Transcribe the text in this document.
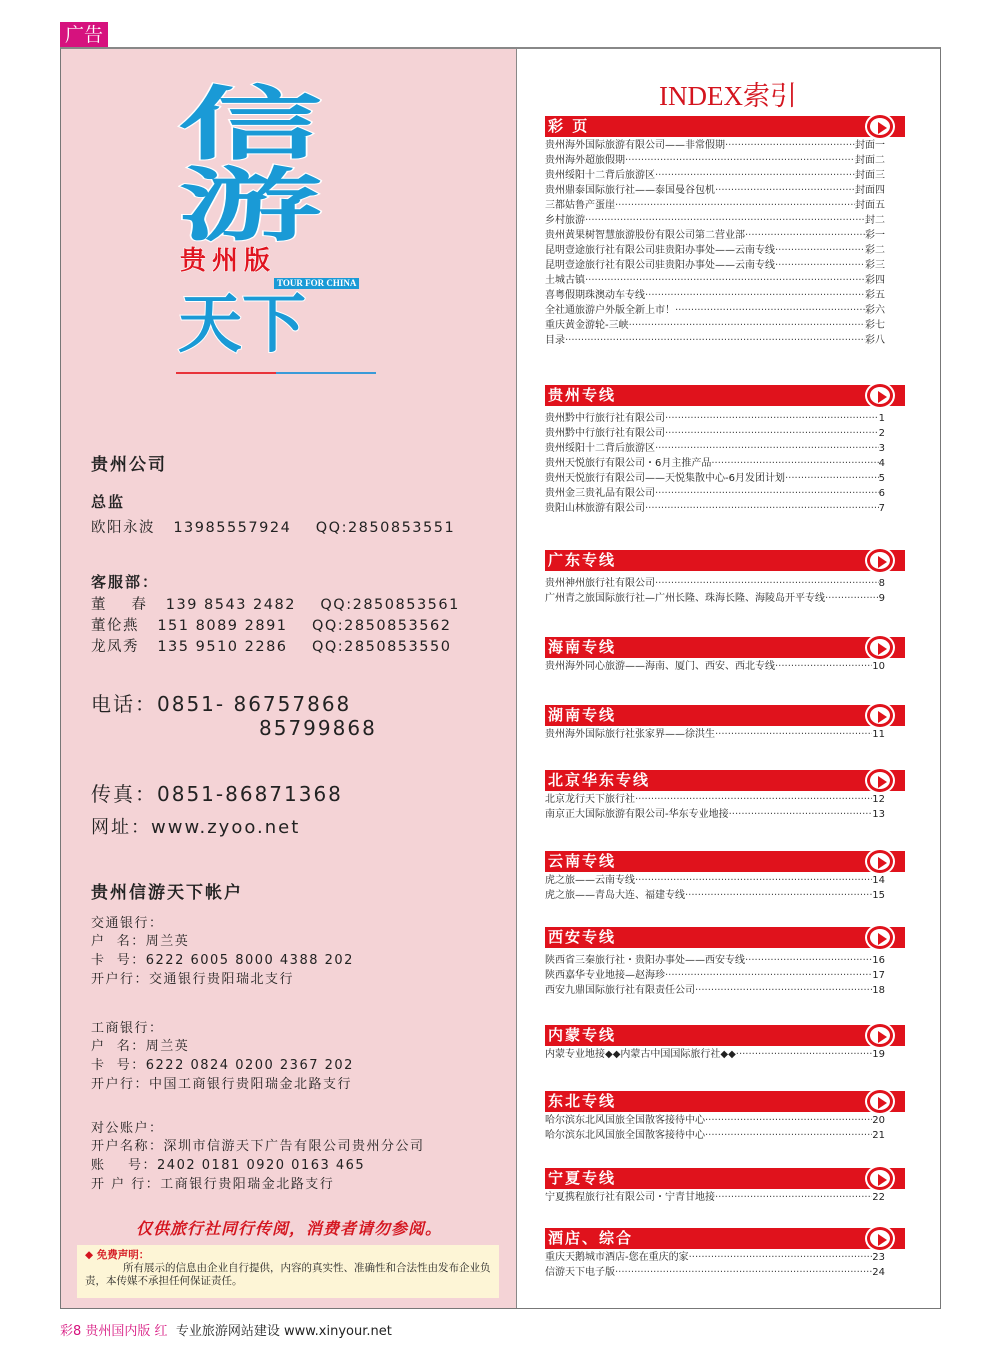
广告
信
游
贵州版
TOUR FOR CHINA
天下
贵州公司
总监
欧阳永波   13985557924    QQ:2850853551
客服部：
董    春   139 8543 2482    QQ:2850853561
董伦燕   151 8089 2891    QQ:2850853562
龙凤秀   135 9510 2286    QQ:2850853550
电话：0851- 86757868
85799868
传真：0851-86871368
网址：www.zyoo.net
贵州信游天下帐户
交通银行：
户  名：周兰英
卡  号：6222 6005 8000 4388 202
开户行：交通银行贵阳瑞北支行
工商银行：
户  名：周兰英
卡  号：6222 0824 0200 2367 202
开户行：中国工商银行贵阳瑞金北路支行
对公账户：
开户名称：深圳市信游天下广告有限公司贵州分公司
账    号：2402 0181 0920 0163 465
开 户 行：工商银行贵阳瑞金北路支行
仅供旅行社同行传阅，消费者请勿参阅。
◆ 免费声明：
所有展示的信息由企业自行提供，内容的真实性、准确性和合法性由发布企业负责，本传媒不承担任何保证责任。
INDEX索引
彩 页
贵州海外国际旅游有限公司——非常假期 ·····	封面一
贵州海外超旅假期 ·····	封面二
贵州绥阳十二背后旅游区 ·····	封面三
贵州鼎泰国际旅行社——泰国曼谷包机 ·····	封面四
三都姑鲁产蛋崖 ·····	封面五
乡村旅游 ·····	封二
贵州黄果树智慧旅游股份有限公司第二营业部 ·····	彩一
昆明壹途旅行社有限公司驻贵阳办事处——云南专线 ·····	彩二
昆明壹途旅行社有限公司驻贵阳办事处——云南专线 ·····	彩三
土城古镇 ·····	彩四
喜粤假期珠澳动车专线 ·····	彩五
全社通旅游户外版全新上市！ ·····	彩六
重庆黄金游轮-三峡 ·····	彩七
目录 ·····	彩八
贵州专线
贵州黔中行旅行社有限公司 ·····	1
贵州黔中行旅行社有限公司 ·····	2
贵州绥阳十二背后旅游区 ·····	3
贵州天悦旅行有限公司・6月主推产品 ·····	4
贵州天悦旅行有限公司——天悦集散中心-6月发团计划 ·····	5
贵州金三贵礼品有限公司 ·····	6
贵阳山林旅游有限公司 ·····	7
广东专线
贵州神州旅行社有限公司 ·····	8
广州青之旅国际旅行社—广州长隆、珠海长隆、海陵岛开平专线 ·····	9
海南专线
贵州海外同心旅游——海南、厦门、西安、西北专线 ·····	10
湖南专线
贵州海外国际旅行社张家界——徐洪生 ·····	11
北京华东专线
北京龙行天下旅行社 ·····	12
南京正大国际旅游有限公司-华东专业地接 ·····	13
云南专线
虎之旅——云南专线 ·····	14
虎之旅——青岛大连、福建专线 ·····	15
西安专线
陕西省三秦旅行社・贵阳办事处——西安专线 ·····	16
陕西嘉华专业地接—赵海珍 ·····	17
西安九鼎国际旅行社有限责任公司 ·····	18
内蒙专线
内蒙专业地接◆◆内蒙古中国国际旅行社◆◆ ·····	19
东北专线
哈尔滨东北风国旅全国散客接待中心 ·····	20
哈尔滨东北风国旅全国散客接待中心 ·····	21
宁夏专线
宁夏携程旅行社有限公司・宁青甘地接 ·····	22
酒店、综合
重庆天鹅城市酒店-您在重庆的家 ·····	23
信游天下电子版 ·····	24
彩8 贵州国内版 红 专业旅游网站建设 www.xinyour.net
